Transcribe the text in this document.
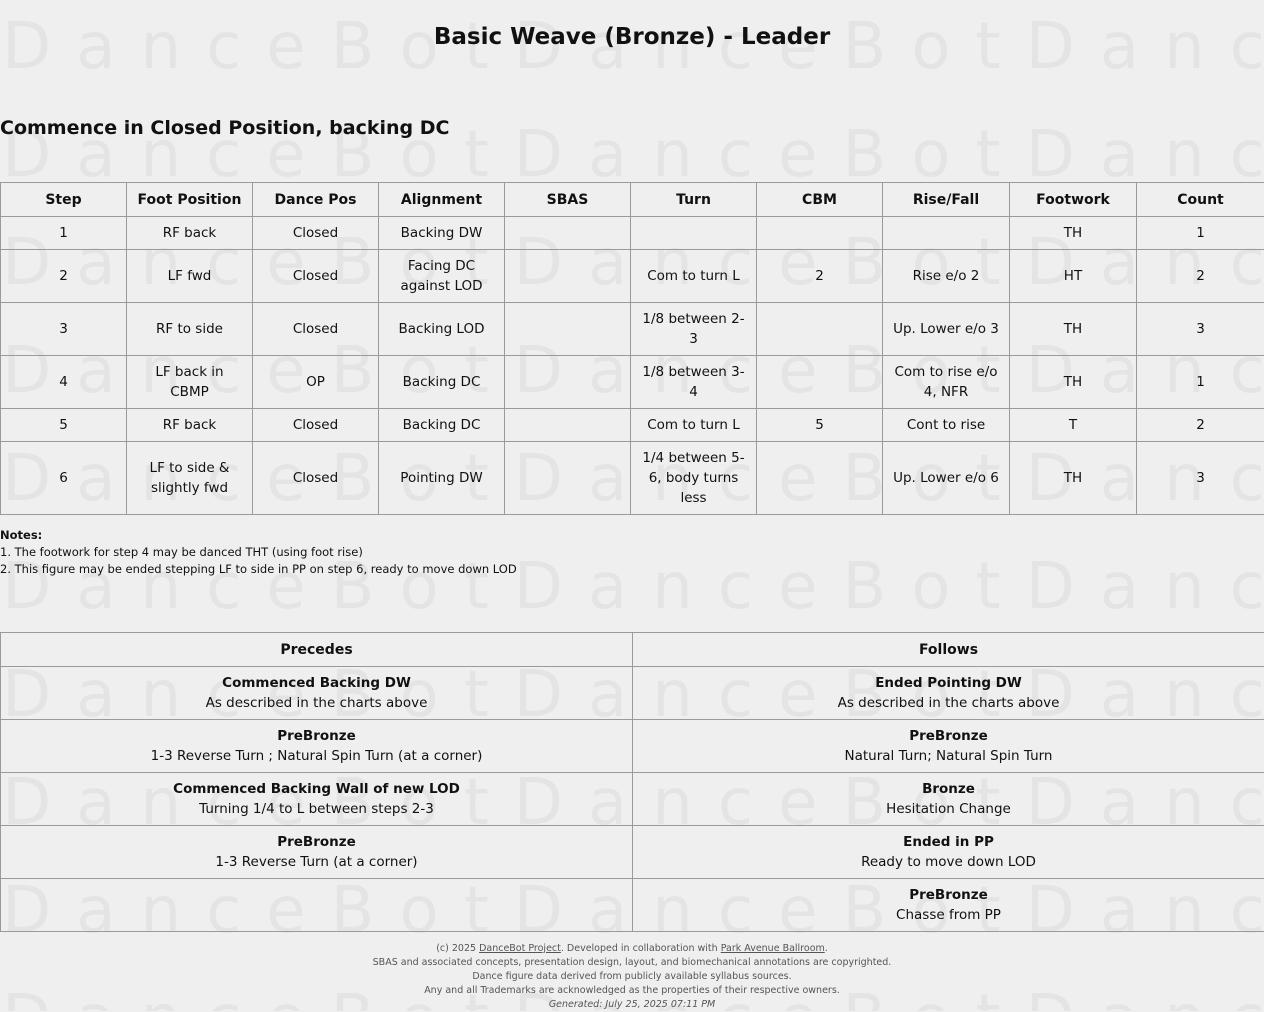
Basic Weave (Bronze) - Leader
Commence in Closed Position, backing DC
Step	Foot Position	Dance Pos	Alignment	SBAS	Turn	CBM	Rise/Fall	Footwork	Count
1	RF back	Closed	Backing DW					TH	1
2	LF fwd	Closed	Facing DC against LOD		Com to turn L	2	Rise e/o 2	HT	2
3	RF to side	Closed	Backing LOD		1/8 between 2-3		Up. Lower e/o 3	TH	3
4	LF back in CBMP	OP	Backing DC		1/8 between 3-4		Com to rise e/o 4, NFR	TH	1
5	RF back	Closed	Backing DC		Com to turn L	5	Cont to rise	T	2
6	LF to side & slightly fwd	Closed	Pointing DW		1/4 between 5-6, body turns less		Up. Lower e/o 6	TH	3
Notes:
1. The footwork for step 4 may be danced THT (using foot rise)
2. This figure may be ended stepping LF to side in PP on step 6, ready to move down LOD
Precedes	Follows

Commenced Backing DW
As described in the charts above	Ended Pointing DW
As described in the charts above

PreBronze
1-3 Reverse Turn ; Natural Spin Turn (at a corner)	PreBronze
Natural Turn; Natural Spin Turn

Commenced Backing Wall of new LOD
Turning 1/4 to L between steps 2-3	Bronze
Hesitation Change

PreBronze
1-3 Reverse Turn (at a corner)	Ended in PP
Ready to move down LOD

	PreBronze
Chasse from PP
(c) 2025 DanceBot Project. Developed in collaboration with Park Avenue Ballroom.
SBAS and associated concepts, presentation design, layout, and biomechanical annotations are copyrighted.
Dance figure data derived from publicly available syllabus sources.
Any and all Trademarks are acknowledged as the properties of their respective owners.
Generated: July 25, 2025 07:11 PM
